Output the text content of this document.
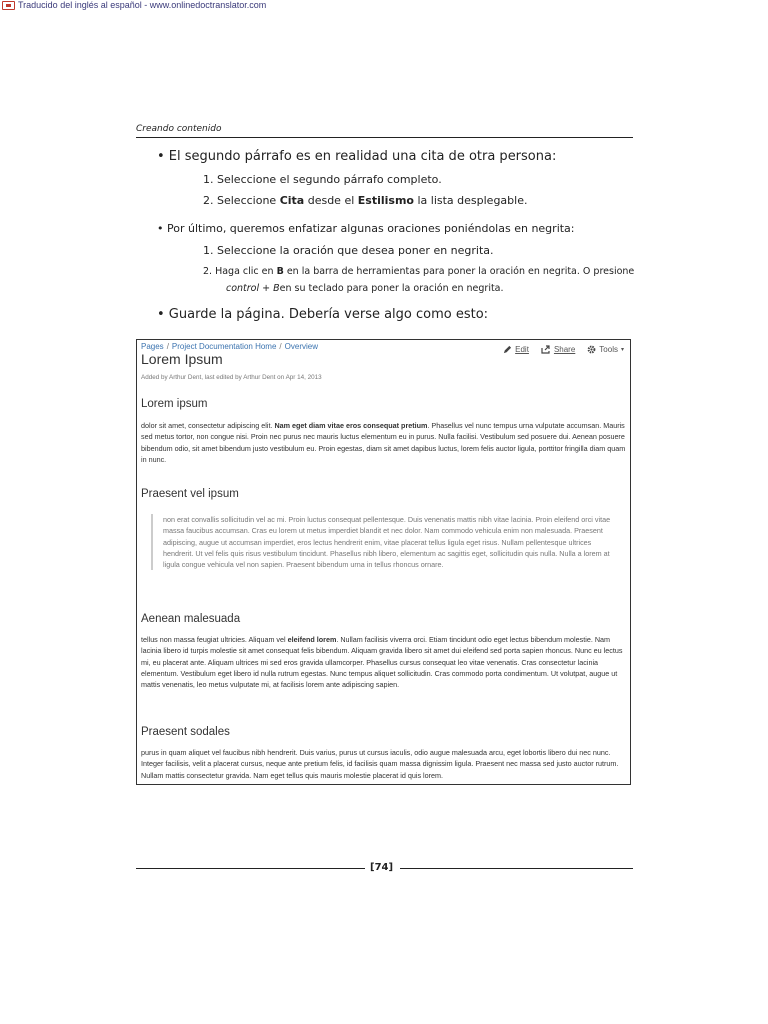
Traducido del inglés al español - www.onlinedoctranslator.com
Creando contenido
• El segundo párrafo es en realidad una cita de otra persona:
1. Seleccione el segundo párrafo completo.
2. Seleccione Cita desde el Estilismo la lista desplegable.
• Por último, queremos enfatizar algunas oraciones poniéndolas en negrita:
1. Seleccione la oración que desea poner en negrita.
2. Haga clic en B en la barra de herramientas para poner la oración en negrita. O presione
control + Ben su teclado para poner la oración en negrita.
• Guarde la página. Debería verse algo como esto:
Pages / Project Documentation Home / Overview	Edit	Share	Tools ▾
Lorem Ipsum
Added by Arthur Dent, last edited by Arthur Dent on Apr 14, 2013
Lorem ipsum

dolor sit amet, consectetur adipiscing elit. Nam eget diam vitae eros consequat pretium. Phasellus vel nunc tempus urna vulputate accumsan. Mauris sed metus tortor, non congue nisi. Proin nec purus nec mauris luctus elementum eu in purus. Nulla facilisi. Vestibulum sed posuere dui. Aenean posuere bibendum odio, sit amet bibendum justo vestibulum eu. Proin egestas, diam sit amet dapibus luctus, lorem felis auctor ligula, porttitor fringilla diam quam in nunc.

Praesent vel ipsum

non erat convallis sollicitudin vel ac mi. Proin luctus consequat pellentesque. Duis venenatis mattis nibh vitae lacinia. Proin eleifend orci vitae massa faucibus accumsan. Cras eu lorem ut metus imperdiet blandit et nec dolor. Nam commodo vehicula enim non malesuada. Praesent adipiscing, augue ut accumsan imperdiet, eros lectus hendrerit enim, vitae placerat tellus ligula eget risus. Nullam pellentesque ultrices hendrerit. Ut vel felis quis risus vestibulum tincidunt. Phasellus nibh libero, elementum ac sagittis eget, sollicitudin quis nulla. Nulla a lorem at ligula congue vehicula vel non sapien. Praesent bibendum urna in tellus rhoncus ornare.

Aenean malesuada

tellus non massa feugiat ultricies. Aliquam vel eleifend lorem. Nullam facilisis viverra orci. Etiam tincidunt odio eget lectus bibendum molestie. Nam lacinia libero id turpis molestie sit amet consequat felis bibendum. Aliquam gravida libero sit amet dui eleifend sed porta sapien rhoncus. Nunc eu lectus mi, eu placerat ante. Aliquam ultrices mi sed eros gravida ullamcorper. Phasellus cursus consequat leo vitae venenatis. Cras consectetur lacinia elementum. Vestibulum eget libero id nulla rutrum egestas. Nunc tempus aliquet sollicitudin. Cras commodo porta condimentum. Ut volutpat, augue ut mattis venenatis, leo metus vulputate mi, at facilisis lorem ante adipiscing sapien.

Praesent sodales

purus in quam aliquet vel faucibus nibh hendrerit. Duis varius, purus ut cursus iaculis, odio augue malesuada arcu, eget lobortis libero dui nec nunc. Integer facilisis, velit a placerat cursus, neque ante pretium felis, id facilisis quam massa dignissim ligula. Praesent nec massa sed justo auctor rutrum. Nullam mattis consectetur gravida. Nam eget tellus quis mauris molestie placerat id quis lorem.

[74]
